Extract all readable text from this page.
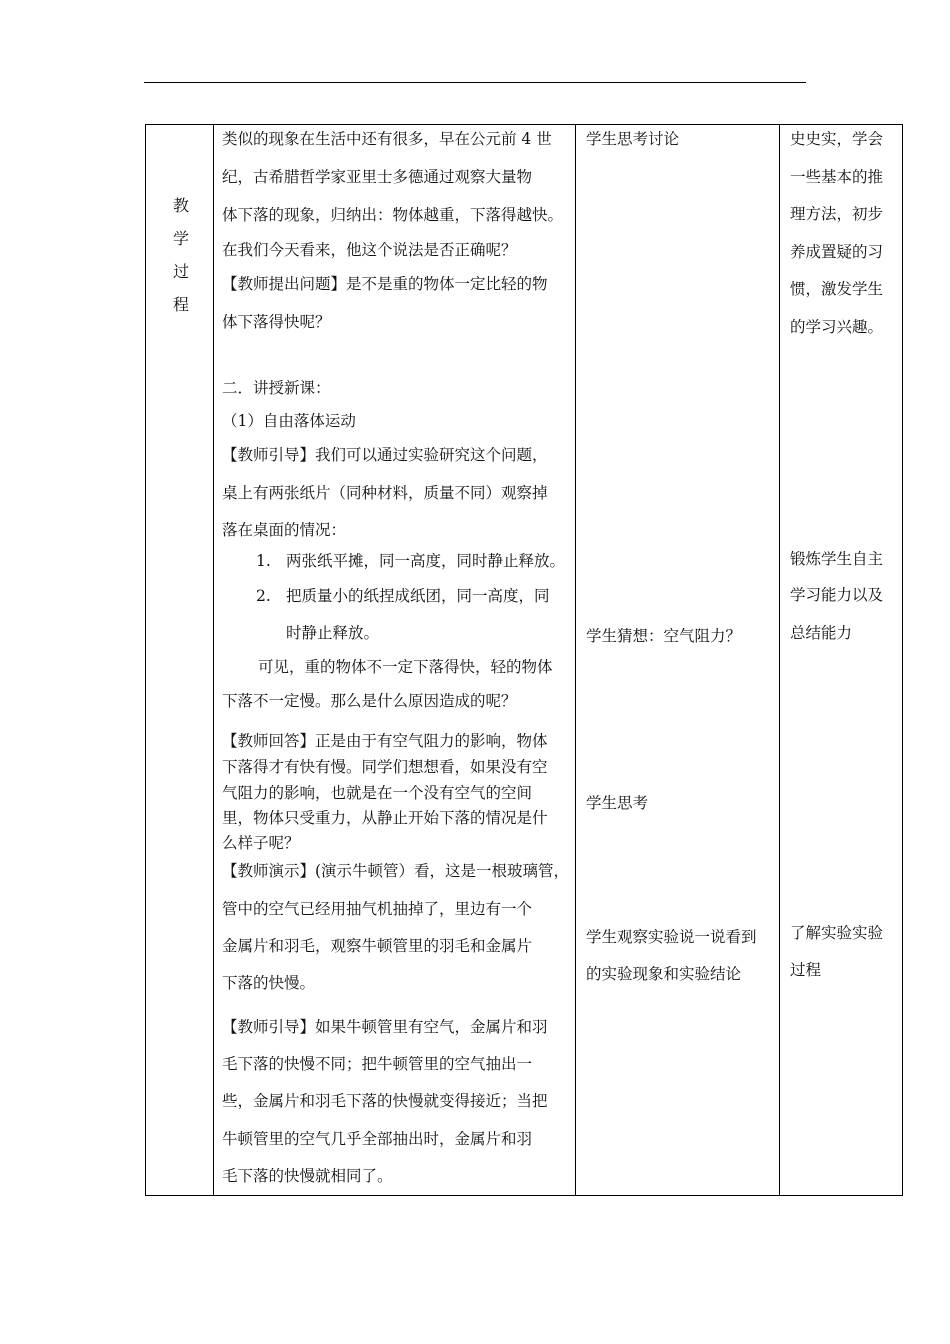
教
学
过
程
类似的现象在生活中还有很多，早在公元前 4 世
纪，古希腊哲学家亚里士多德通过观察大量物
体下落的现象，归纳出：物体越重，下落得越快。
在我们今天看来，他这个说法是否正确呢？
【教师提出问题】是不是重的物体一定比轻的物
体下落得快呢？
二．讲授新课：
（1）自由落体运动
【教师引导】我们可以通过实验研究这个问题，
桌上有两张纸片（同种材料，质量不同）观察掉
落在桌面的情况：
1. 两张纸平摊，同一高度，同时静止释放。
2. 把质量小的纸捏成纸团，同一高度，同
时静止释放。
可见，重的物体不一定下落得快，轻的物体
下落不一定慢。那么是什么原因造成的呢？
【教师回答】正是由于有空气阻力的影响，物体
下落得才有快有慢。同学们想想看，如果没有空
气阻力的影响，也就是在一个没有空气的空间
里，物体只受重力，从静止开始下落的情况是什
么样子呢？
【教师演示】(演示牛顿管）看，这是一根玻璃管，
管中的空气已经用抽气机抽掉了，里边有一个
金属片和羽毛，观察牛顿管里的羽毛和金属片
下落的快慢。
【教师引导】如果牛顿管里有空气，金属片和羽
毛下落的快慢不同；把牛顿管里的空气抽出一
些，金属片和羽毛下落的快慢就变得接近；当把
牛顿管里的空气几乎全部抽出时，金属片和羽
毛下落的快慢就相同了。
学生思考讨论
学生猜想：空气阻力？
学生思考
学生观察实验说一说看到
的实验现象和实验结论
史史实，学会
一些基本的推
理方法，初步
养成置疑的习
惯，激发学生
的学习兴趣。
锻炼学生自主
学习能力以及
总结能力
了解实验实验
过程
